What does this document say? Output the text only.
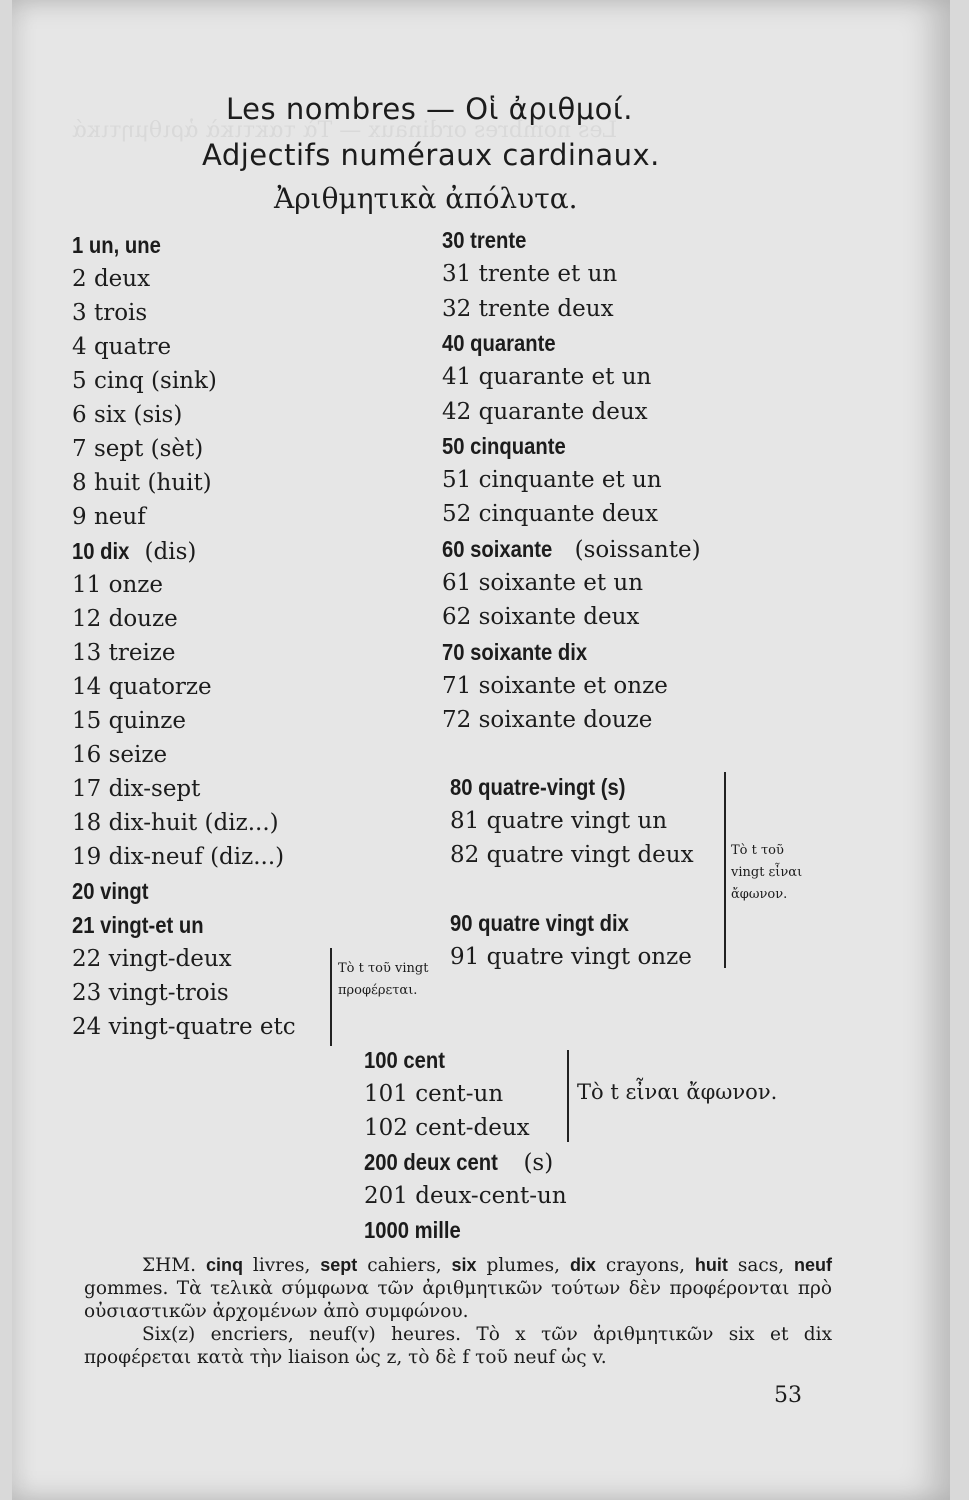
Les nombres ordinaux — Τὰ τακτικὰ ἀριθμητικά
Les nombres — Οἱ ἀριθμοί.
Adjectifs numéraux cardinaux.
Ἀριθμητικὰ ἀπόλυτα.
1 un, une
2 deux
3 trois
4 quatre
5 cinq (sink)
6 six (sis)
7 sept (sèt)
8 huit (huit)
9 neuf
10 dix (dis)
11 onze
12 douze
13 treize
14 quatorze
15 quinze
16 seize
17 dix-sept
18 dix-huit (diz...)
19 dix-neuf (diz...)
20 vingt
21 vingt-et un
22 vingt-deux
23 vingt-trois
24 vingt-quatre etc
30 trente
31 trente et un
32 trente deux
40 quarante
41 quarante et un
42 quarante deux
50 cinquante
51 cinquante et un
52 cinquante deux
60 soixante (soissante)
61 soixante et un
62 soixante deux
70 soixante dix
71 soixante et onze
72 soixante douze
80 quatre-vingt (s)
81 quatre vingt un
82 quatre vingt deux
90 quatre vingt dix
91 quatre vingt onze
100 cent
101 cent-un
102 cent-deux
200 deux cent (s)
201 deux-cent-un
1000 mille
Τὸ t τοῦ vingt προφέρεται.
Τὸ t τοῦ vingt εἶναι ἄφωνον.
Τὸ t εἶναι ἄφωνον.
ΣΗΜ. cinq livres, sept cahiers, six plumes, dix crayons, huit sacs, neuf gommes. Τὰ τελικὰ σύμφωνα τῶν ἀριθμητικῶν τούτων δὲν προφέρονται πρὸ οὐσιαστικῶν ἀρχομένων ἀπὸ συμφώνου.
Six(z) encriers, neuf(v) heures. Τὸ x τῶν ἀριθμητικῶν six et dix προφέρεται κατὰ τὴν liaison ὡς z, τὸ δὲ f τοῦ neuf ὡς v.
53
